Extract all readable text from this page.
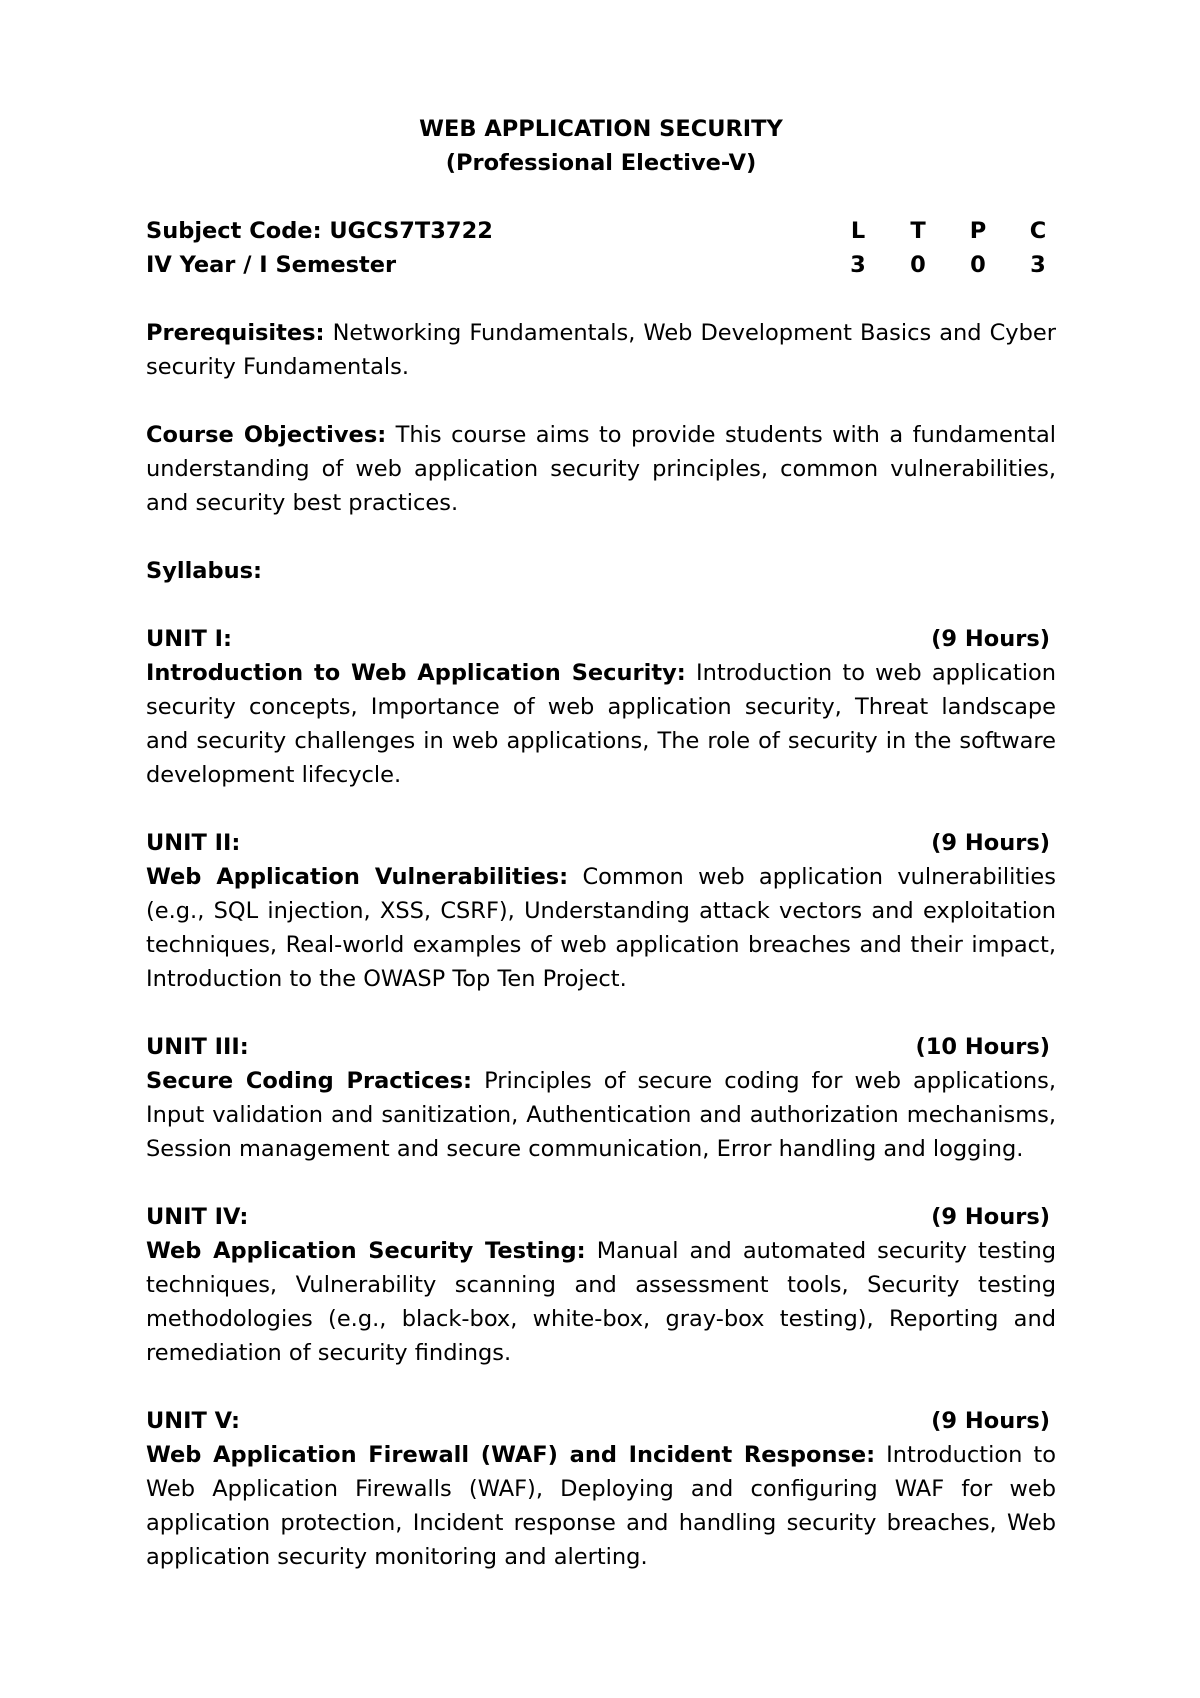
WEB APPLICATION SECURITY
(Professional Elective-V)
Subject Code: UGCS7T3722	L T P C
IV Year / I Semester	3 0 0 3
Prerequisites: Networking Fundamentals, Web Development Basics and Cyber security Fundamentals.
Course Objectives: This course aims to provide students with a fundamental understanding of web application security principles, common vulnerabilities, and security best practices.
Syllabus:
UNIT I:	(9 Hours)
Introduction to Web Application Security: Introduction to web application security concepts, Importance of web application security, Threat landscape and security challenges in web applications, The role of security in the software development lifecycle.
UNIT II:	(9 Hours)
Web Application Vulnerabilities: Common web application vulnerabilities (e.g., SQL injection, XSS, CSRF), Understanding attack vectors and exploitation techniques, Real-world examples of web application breaches and their impact, Introduction to the OWASP Top Ten Project.
UNIT III:	(10 Hours)
Secure Coding Practices: Principles of secure coding for web applications, Input validation and sanitization, Authentication and authorization mechanisms, Session management and secure communication, Error handling and logging.
UNIT IV:	(9 Hours)
Web Application Security Testing: Manual and automated security testing techniques, Vulnerability scanning and assessment tools, Security testing methodologies (e.g., black-box, white-box, gray-box testing), Reporting and remediation of security findings.
UNIT V:	(9 Hours)
Web Application Firewall (WAF) and Incident Response: Introduction to Web Application Firewalls (WAF), Deploying and configuring WAF for web application protection, Incident response and handling security breaches, Web application security monitoring and alerting.
